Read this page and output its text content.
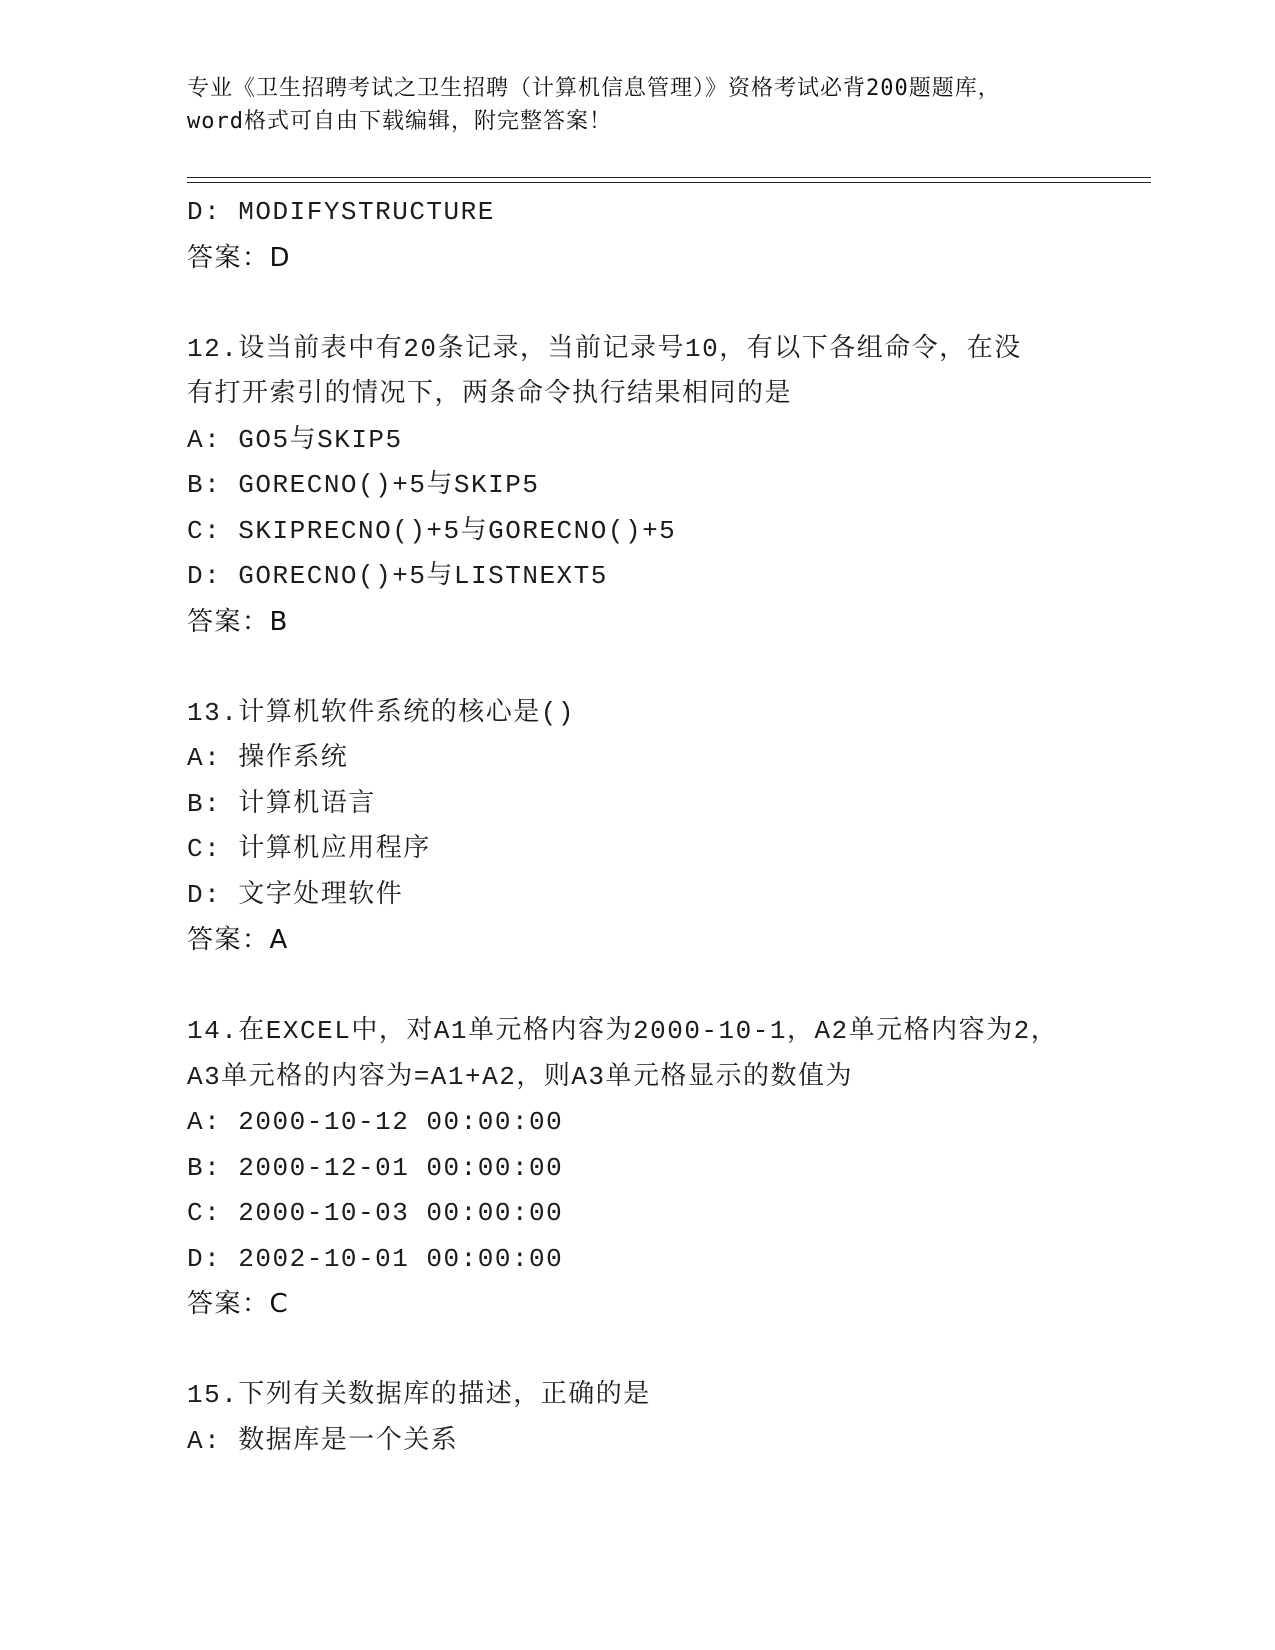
专业《卫生招聘考试之卫生招聘（计算机信息管理）》资格考试必背200题题库，
word格式可自由下载编辑，附完整答案！
D: MODIFYSTRUCTURE
答案：D
12.设当前表中有20条记录，当前记录号10，有以下各组命令，在没
有打开索引的情况下，两条命令执行结果相同的是
A: GO5与SKIP5
B: GORECNO()+5与SKIP5
C: SKIPRECNO()+5与GORECNO()+5
D: GORECNO()+5与LISTNEXT5
答案：B
13.计算机软件系统的核心是()
A: 操作系统
B: 计算机语言
C: 计算机应用程序
D: 文字处理软件
答案：A
14.在EXCEL中，对A1单元格内容为2000-10-1，A2单元格内容为2，
A3单元格的内容为=A1+A2，则A3单元格显示的数值为
A: 2000-10-12 00:00:00
B: 2000-12-01 00:00:00
C: 2000-10-03 00:00:00
D: 2002-10-01 00:00:00
答案：C
15.下列有关数据库的描述，正确的是
A: 数据库是一个关系
